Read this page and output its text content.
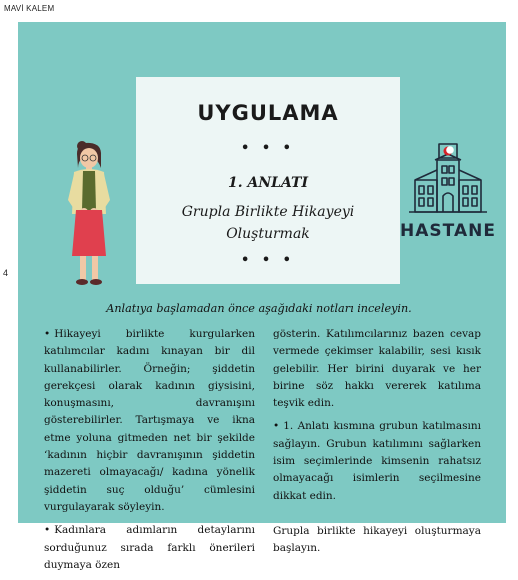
MAVİ KALEM
4
UYGULAMA
• • •
1. ANLATI
Grupla Birlikte Hikayeyi Oluşturmak
• • •
HASTANE
Anlatıya başlamadan önce aşağıdaki notları inceleyin.

• Hikayeyi birlikte kurgularken katılımcılar kadını kınayan bir dil kullanabilirler. Örneğin; şiddetin gerekçesi olarak kadının giysisini, konuşmasını, davranışını gösterebilirler. Tartışmaya ve ikna etme yoluna gitmeden net bir şekilde ‘kadının hiçbir davranışının şiddetin mazereti olmayacağı/ kadına yönelik şiddetin suç olduğu’ cümlesini vurgulayarak söyleyin.

• Kadınlara adımların detaylarını sorduğunuz sırada farklı önerileri duymaya özen

gösterin. Katılımcılarınız bazen cevap vermede çekimser kalabilir, sesi kısık gelebilir. Her birini duyarak ve her birine söz hakkı vererek katılıma teşvik edin.

• 1. Anlatı kısmına grubun katılmasını sağlayın. Grubun katılımını sağlarken isim seçimlerinde kimsenin rahatsız olmayacağı isimlerin seçilmesine dikkat edin.

Grupla birlikte hikayeyi oluşturmaya başlayın.
